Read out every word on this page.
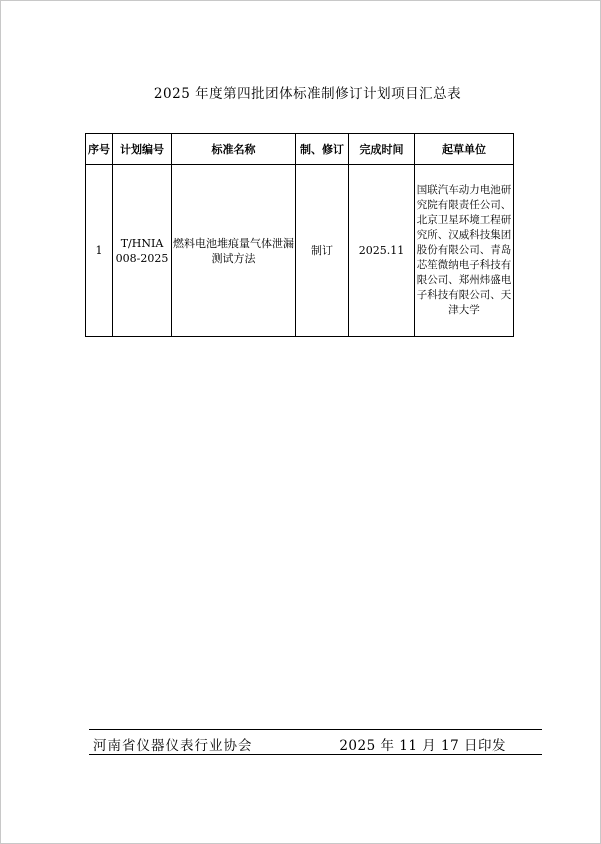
2025 年度第四批团体标准制修订计划项目汇总表
序号	计划编号	标准名称	制、修订	完成时间	起草单位
1	T/HNIA 008-2025	燃料电池堆痕量气体泄漏测试方法	制订	2025.11	国联汽车动力电池研究院有限责任公司、北京卫星环境工程研究所、汉威科技集团股份有限公司、青岛芯笙微纳电子科技有限公司、郑州炜盛电子科技有限公司、天津大学
河南省仪器仪表行业协会	2025 年 11 月 17 日印发
